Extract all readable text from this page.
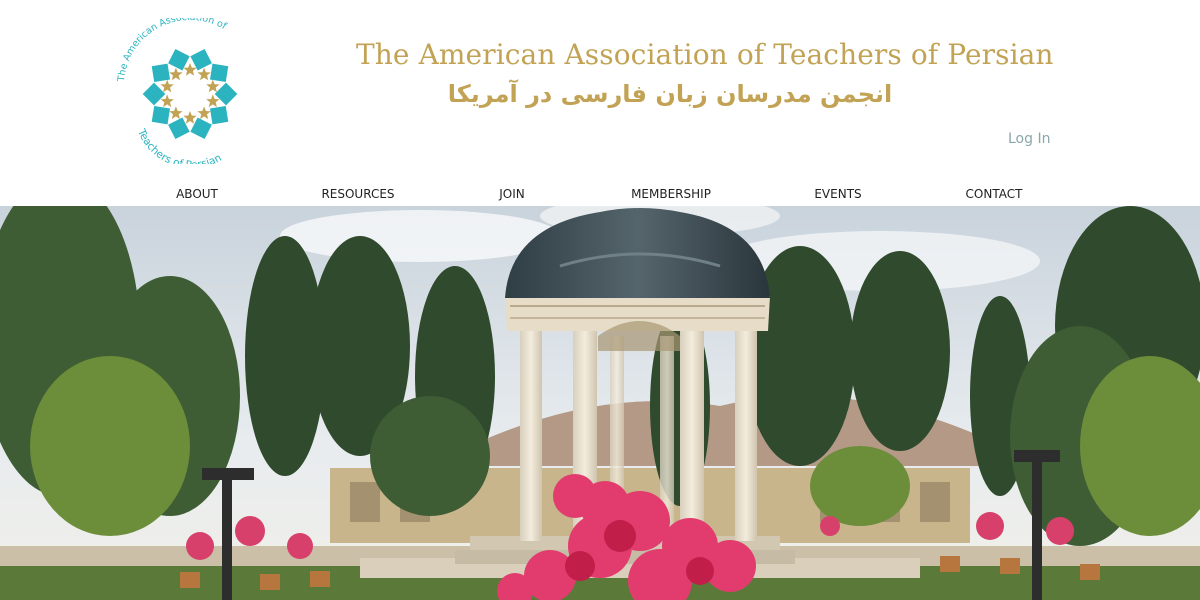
The American Asso ion of
Teachers o sian
The American Association of Teachers of Persian
انجمن مدرسان زبان فارسی در آمریکا
Log In
ABOUT	RESOURCES	JOIN	MEMBERSHIP	EVENTS	CONTACT
